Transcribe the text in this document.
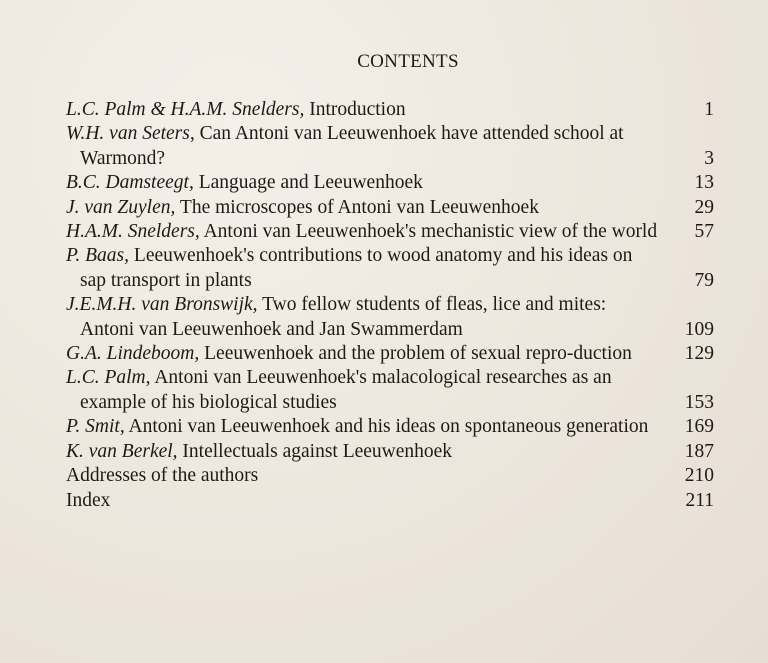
CONTENTS
L.C. Palm & H.A.M. Snelders, Introduction	1
W.H. van Seters, Can Antoni van Leeuwenhoek have attended school at Warmond?	3
B.C. Damsteegt, Language and Leeuwenhoek	13
J. van Zuylen, The microscopes of Antoni van Leeuwenhoek	29
H.A.M. Snelders, Antoni van Leeuwenhoek's mechanistic view of the world	57
P. Baas, Leeuwenhoek's contributions to wood anatomy and his ideas on sap transport in plants	79
J.E.M.H. van Bronswijk, Two fellow students of fleas, lice and mites: Antoni van Leeuwenhoek and Jan Swammerdam	109
G.A. Lindeboom, Leeuwenhoek and the problem of sexual repro-duction	129
L.C. Palm, Antoni van Leeuwenhoek's malacological researches as an example of his biological studies	153
P. Smit, Antoni van Leeuwenhoek and his ideas on spontaneous generation	169
K. van Berkel, Intellectuals against Leeuwenhoek	187
Addresses of the authors	210
Index	211
